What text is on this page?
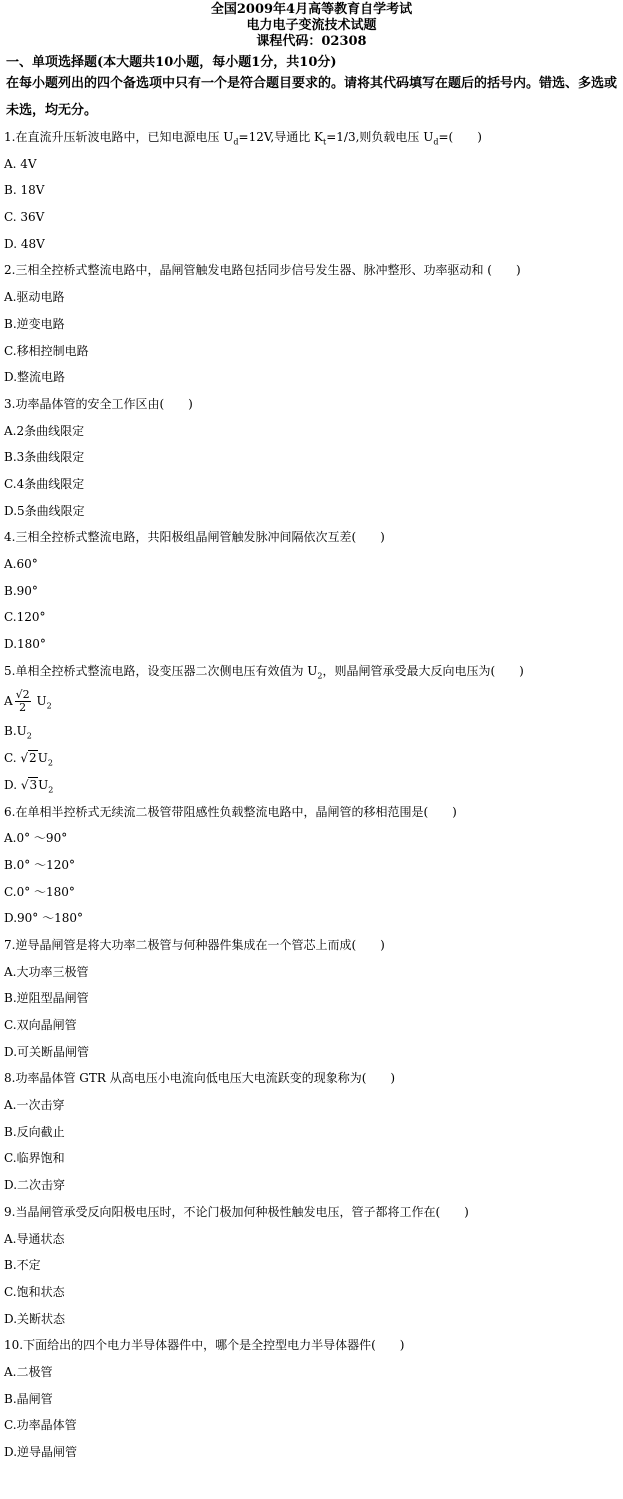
全国2009年4月高等教育自学考试
电力电子变流技术试题
课程代码：02308
一、单项选择题(本大题共10小题，每小题1分，共10分)
在每小题列出的四个备选项中只有一个是符合题目要求的。请将其代码填写在题后的括号内。错选、多选或未选，均无分。
1.在直流升压斩波电路中，已知电源电压 $U_d=12V$,导通比 $K_t=1/3$,则负载电压 $U_d=$(　　)
A. 4V
B. 18V
C. 36V
D. 48V
2.三相全控桥式整流电路中，晶闸管触发电路包括同步信号发生器、脉冲整形、功率驱动和 (　　)
A.驱动电路
B.逆变电路
C.移相控制电路
D.整流电路
3.功率晶体管的安全工作区由(　　)
A.2条曲线限定
B.3条曲线限定
C.4条曲线限定
D.5条曲线限定
4.三相全控桥式整流电路，共阳极组晶闸管触发脉冲间隔依次互差(　　)
A.60°
B.90°
C.120°
D.180°
5.单相全控桥式整流电路，设变压器二次侧电压有效值为 $U_2$，则晶闸管承受最大反向电压为(　　)
A $\frac{√2}{2} U_2$
$B.U_2$
C. $√2U_2$
D. $√3U_2$
6.在单相半控桥式无续流二极管带阻感性负载整流电路中，晶闸管的移相范围是(　　)
A.0° ～90°
B.0° ～120°
C.0° ～180°
D.90° ～180°
7.逆导晶闸管是将大功率二极管与何种器件集成在一个管芯上而成(　　)
A.大功率三极管
B.逆阻型晶闸管
C.双向晶闸管
D.可关断晶闸管
8.功率晶体管 GTR 从高电压小电流向低电压大电流跃变的现象称为(　　)
A.一次击穿
B.反向截止
C.临界饱和
D.二次击穿
9.当晶闸管承受反向阳极电压时，不论门极加何种极性触发电压，管子都将工作在(　　)
A.导通状态
B.不定
C.饱和状态
D.关断状态
10.下面给出的四个电力半导体器件中，哪个是全控型电力半导体器件(　　)
A.二极管
B.晶闸管
C.功率晶体管
D.逆导晶闸管
